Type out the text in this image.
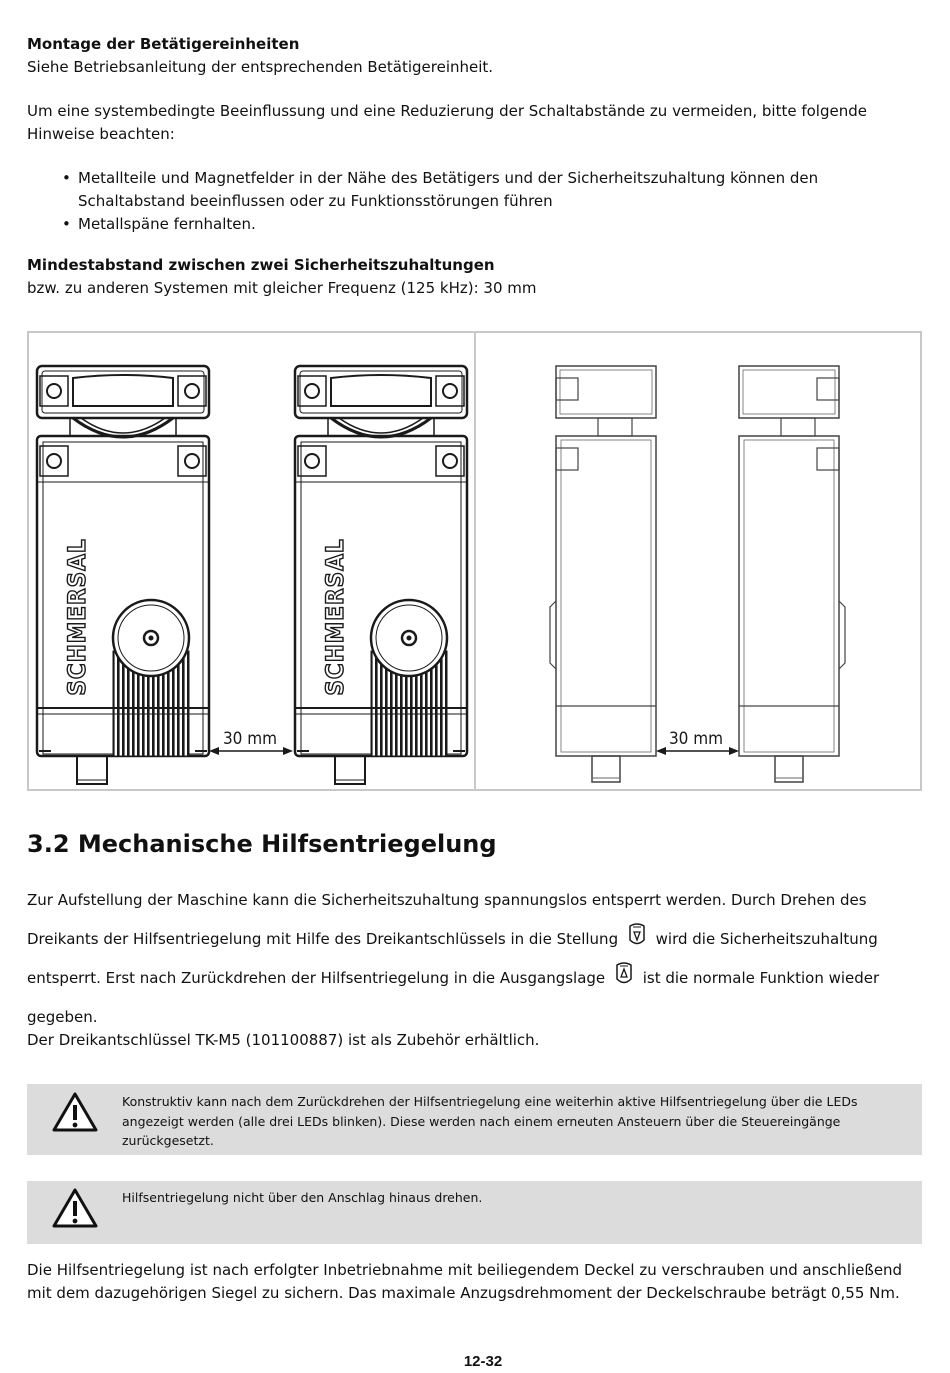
Montage der Betätigereinheiten

Siehe Betriebsanleitung der entsprechenden Betätigereinheit.

Um eine systembedingte Beeinflussung und eine Reduzierung der Schaltabstände zu vermeiden, bitte folgende Hinweise beachten:

• Metallteile und Magnetfelder in der Nähe des Betätigers und der Sicherheitszuhaltung können den Schaltabstand beeinflussen oder zu Funktionsstörungen führen
• Metallspäne fernhalten.

Mindestabstand zwischen zwei Sicherheitszuhaltungen

bzw. zu anderen Systemen mit gleicher Frequenz (125 kHz): 30 mm

SCHMERSAL	SCHMERSAL
30 mm	30 mm
3.2 Mechanische Hilfsentriegelung

Zur Aufstellung der Maschine kann die Sicherheitszuhaltung spannungslos entsperrt werden. Durch Drehen des Dreikants der Hilfsentriegelung mit Hilfe des Dreikantschlüssels in die Stellung	wird die Sicherheitszuhaltung entsperrt. Erst nach Zurückdrehen der Hilfsentriegelung in die Ausgangslage	ist die normale Funktion wieder gegeben.

Der Dreikantschlüssel TK-M5 (101100887) ist als Zubehör erhältlich.

Konstruktiv kann nach dem Zurückdrehen der Hilfsentriegelung eine weiterhin aktive Hilfsentriegelung über die LEDs angezeigt werden (alle drei LEDs blinken). Diese werden nach einem erneuten Ansteuern über die Steuereingänge zurückgesetzt.

Hilfsentriegelung nicht über den Anschlag hinaus drehen.

Die Hilfsentriegelung ist nach erfolgter Inbetriebnahme mit beiliegendem Deckel zu verschrauben und anschließend mit dem dazugehörigen Siegel zu sichern. Das maximale Anzugsdrehmoment der Deckelschraube beträgt 0,55 Nm.

12-32
